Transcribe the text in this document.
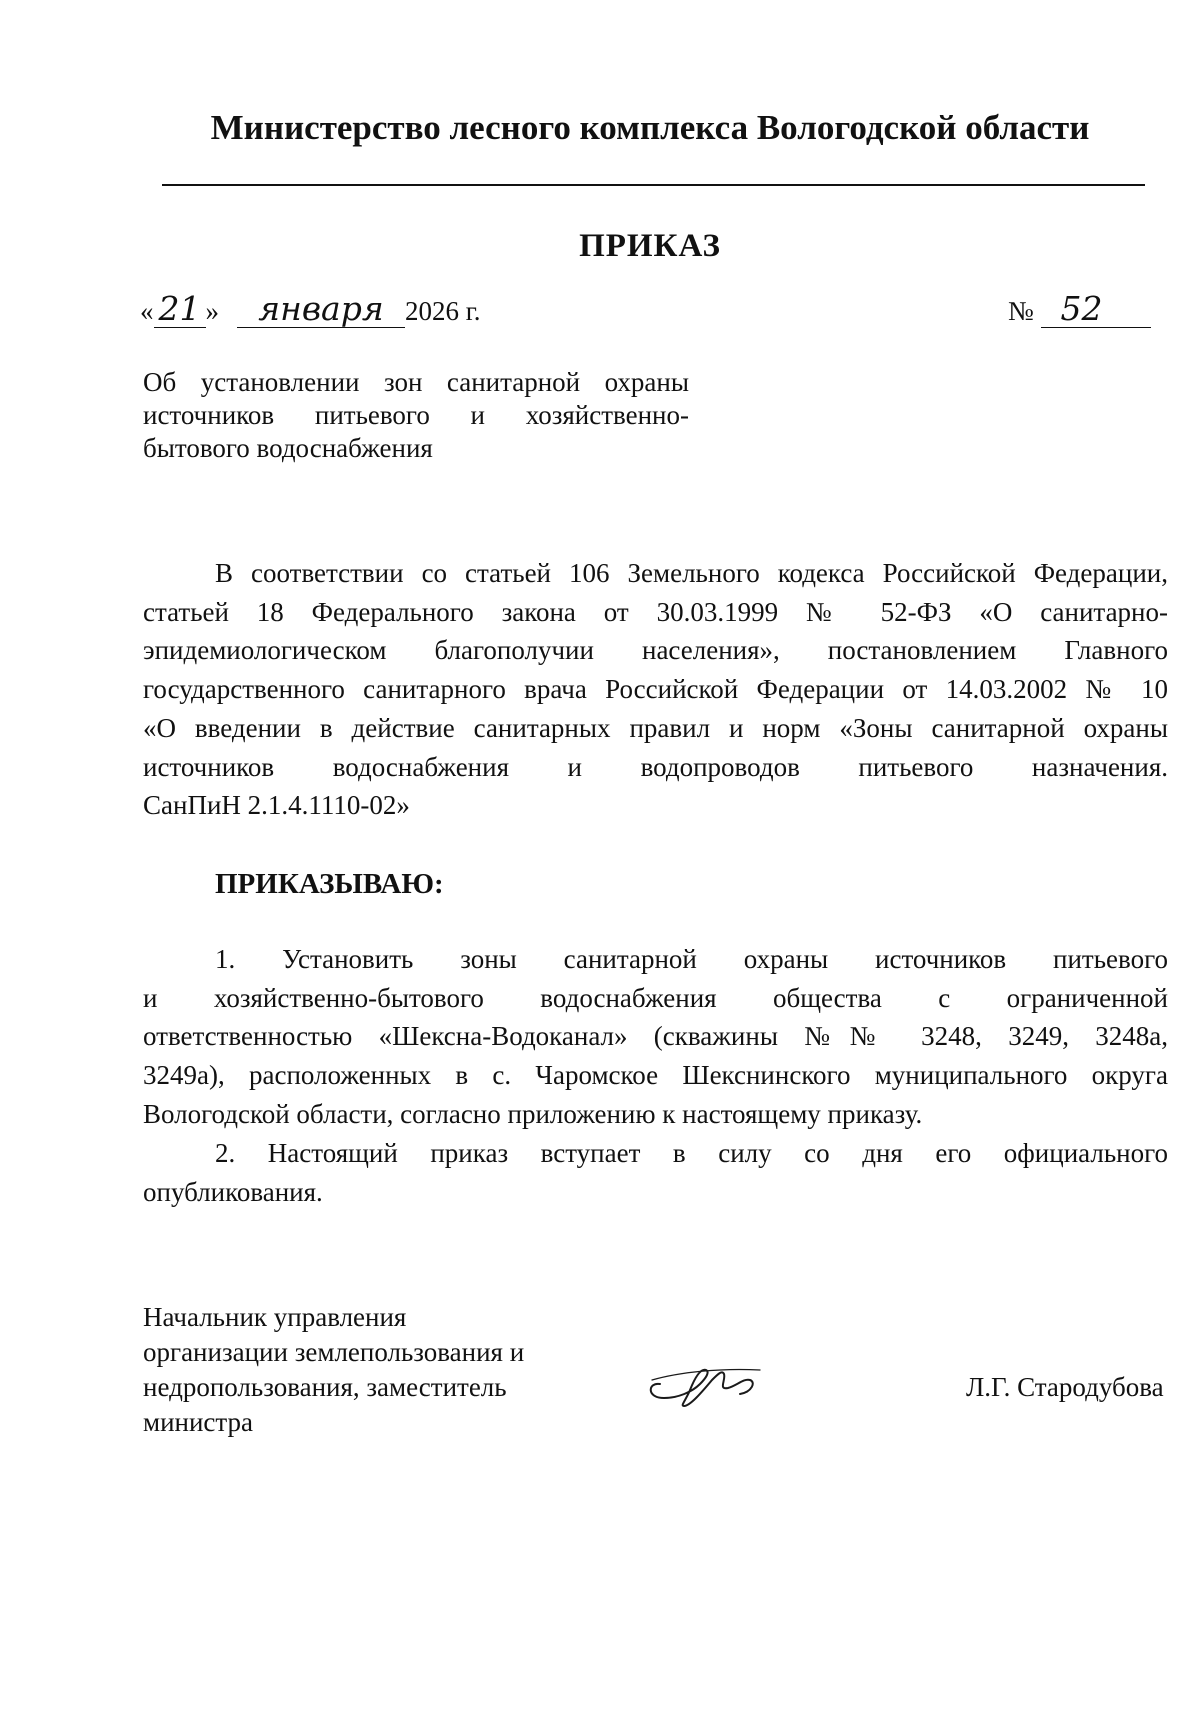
Министерство лесного комплекса Вологодской области
ПРИКАЗ
« 21 » января 2026 г.	№ 52
Об установлении зон санитарной охраны
источников питьевого и хозяйственно-
бытового водоснабжения
В соответствии со статьей 106 Земельного кодекса Российской Федерации,
статьей 18 Федерального закона от 30.03.1999 № 52-ФЗ «О санитарно-
эпидемиологическом благополучии населения», постановлением Главного
государственного санитарного врача Российской Федерации от 14.03.2002 № 10
«О введении в действие санитарных правил и норм «Зоны санитарной охраны
источников водоснабжения и водопроводов питьевого назначения.
СанПиН 2.1.4.1110-02»
ПРИКАЗЫВАЮ:
1. Установить зоны санитарной охраны источников питьевого
и хозяйственно-бытового водоснабжения общества с ограниченной
ответственностью «Шексна-Водоканал» (скважины №№ 3248, 3249, 3248а,
3249а), расположенных в с. Чаромское Шекснинского муниципального округа
Вологодской области, согласно приложению к настоящему приказу.
2. Настоящий приказ вступает в силу со дня его официального
опубликования.
Начальник управления
организации землепользования и
недропользования, заместитель
министра
Л.Г. Стародубова
